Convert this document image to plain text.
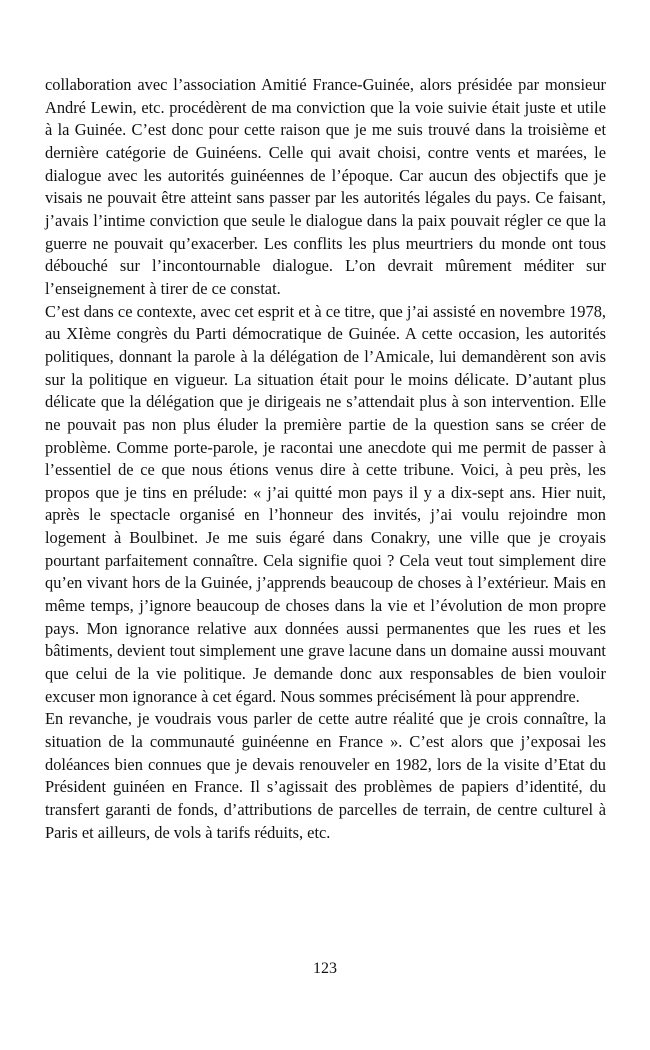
collaboration avec l’association Amitié France-Guinée, alors présidée par monsieur André Lewin, etc. procédèrent de ma conviction que la voie suivie était juste et utile à la Guinée. C’est donc pour cette raison que je me suis trouvé dans la troisième et dernière catégorie de Guinéens. Celle qui avait choisi, contre vents et marées, le dialogue avec les autorités guinéennes de l’époque. Car aucun des objectifs que je visais ne pouvait être atteint sans passer par les autorités légales du pays. Ce faisant, j’avais l’intime conviction que seule le dialogue dans la paix pouvait régler ce que la guerre ne pouvait qu’exacerber. Les conflits les plus meurtriers du monde ont tous débouché sur l’incontournable dialogue. L’on devrait mûrement méditer sur l’enseignement à tirer de ce constat.

C’est dans ce contexte, avec cet esprit et à ce titre, que j’ai assisté en novembre 1978, au XIème congrès du Parti démocratique de Guinée. A cette occasion, les autorités politiques, donnant la parole à la délégation de l’Amicale, lui demandèrent son avis sur la politique en vigueur. La situation était pour le moins délicate. D’autant plus délicate que la délégation que je dirigeais ne s’attendait plus à son intervention. Elle ne pouvait pas non plus éluder la première partie de la question sans se créer de problème. Comme porte-parole, je racontai une anecdote qui me permit de passer à l’essentiel de ce que nous étions venus dire à cette tribune. Voici, à peu près, les propos que je tins en prélude: « j’ai quitté mon pays il y a dix-sept ans. Hier nuit, après le spectacle organisé en l’honneur des invités, j’ai voulu rejoindre mon logement à Boulbinet. Je me suis égaré dans Conakry, une ville que je croyais pourtant parfaitement connaître. Cela signifie quoi ? Cela veut tout simplement dire qu’en vivant hors de la Guinée, j’apprends beaucoup de choses à l’extérieur. Mais en même temps, j’ignore beaucoup de choses dans la vie et l’évolution de mon propre pays. Mon ignorance relative aux données aussi permanentes que les rues et les bâtiments, devient tout simplement une grave lacune dans un domaine aussi mouvant que celui de la vie politique. Je demande donc aux responsables de bien vouloir excuser mon ignorance à cet égard. Nous sommes précisément là pour apprendre.

En revanche, je voudrais vous parler de cette autre réalité que je crois connaître, la situation de la communauté guinéenne en France ». C’est alors que j’exposai les doléances bien connues que je devais renouveler en 1982, lors de la visite d’Etat du Président guinéen en France. Il s’agissait des problèmes de papiers d’identité, du transfert garanti de fonds, d’attributions de parcelles de terrain, de centre culturel à Paris et ailleurs, de vols à tarifs réduits, etc.

123
